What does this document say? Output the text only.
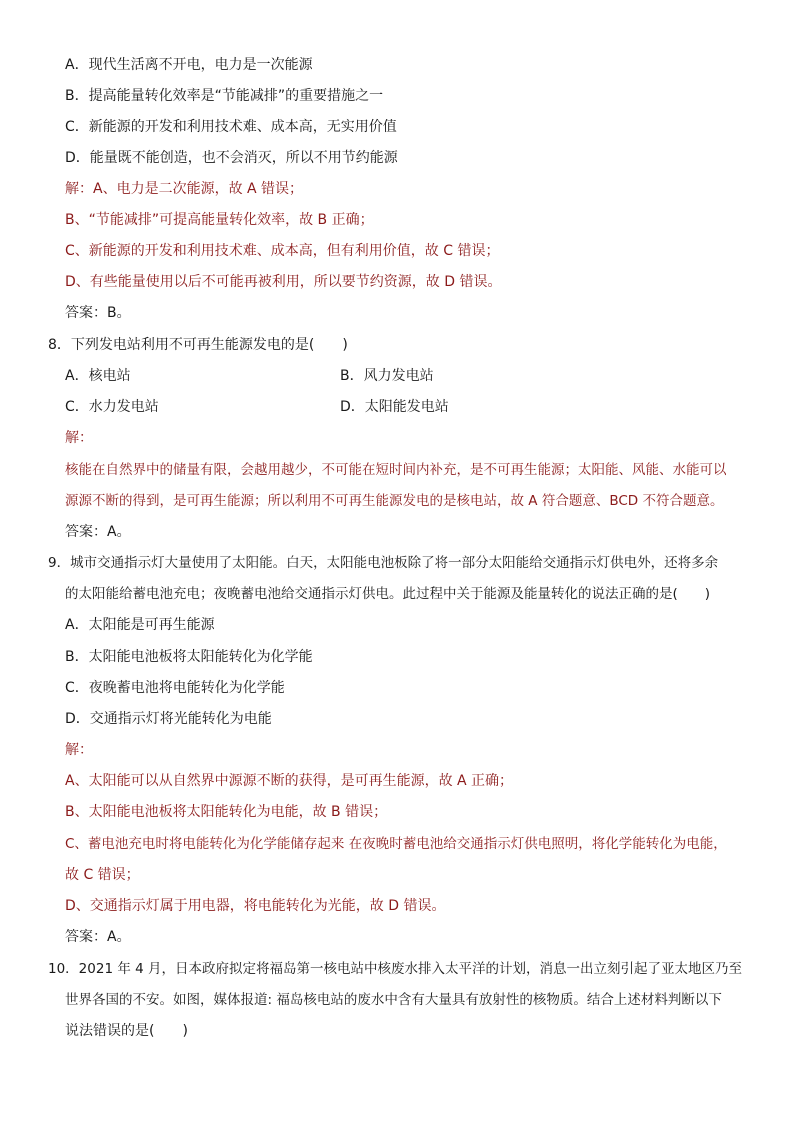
A．现代生活离不开电，电力是一次能源
B．提高能量转化效率是“节能减排”的重要措施之一
C．新能源的开发和利用技术难、成本高，无实用价值
D．能量既不能创造，也不会消灭，所以不用节约能源
解：A、电力是二次能源，故 A 错误；
B、“节能减排”可提高能量转化效率，故 B 正确；
C、新能源的开发和利用技术难、成本高，但有利用价值，故 C 错误；
D、有些能量使用以后不可能再被利用，所以要节约资源，故 D 错误。
答案：B。
8．下列发电站利用不可再生能源发电的是(　　)
A．核电站	B．风力发电站
C．水力发电站	D．太阳能发电站
解：
核能在自然界中的储量有限，会越用越少，不可能在短时间内补充，是不可再生能源；太阳能、风能、水能可以
源源不断的得到，是可再生能源；所以利用不可再生能源发电的是核电站，故 A 符合题意、BCD 不符合题意。
答案：A。
9．城市交通指示灯大量使用了太阳能。白天，太阳能电池板除了将一部分太阳能给交通指示灯供电外，还将多余
的太阳能给蓄电池充电；夜晚蓄电池给交通指示灯供电。此过程中关于能源及能量转化的说法正确的是(　　)
A．太阳能是可再生能源
B．太阳能电池板将太阳能转化为化学能
C．夜晚蓄电池将电能转化为化学能
D．交通指示灯将光能转化为电能
解：
A、太阳能可以从自然界中源源不断的获得，是可再生能源，故 A 正确；
B、太阳能电池板将太阳能转化为电能，故 B 错误；
C、蓄电池充电时将电能转化为化学能储存起来 在夜晚时蓄电池给交通指示灯供电照明，将化学能转化为电能，
故 C 错误；
D、交通指示灯属于用电器，将电能转化为光能，故 D 错误。
答案：A。
10．2021 年 4 月，日本政府拟定将福岛第一核电站中核废水排入太平洋的计划，消息一出立刻引起了亚太地区乃至
世界各国的不安。如图，媒体报道: 福岛核电站的废水中含有大量具有放射性的核物质。结合上述材料判断以下
说法错误的是(　　)
